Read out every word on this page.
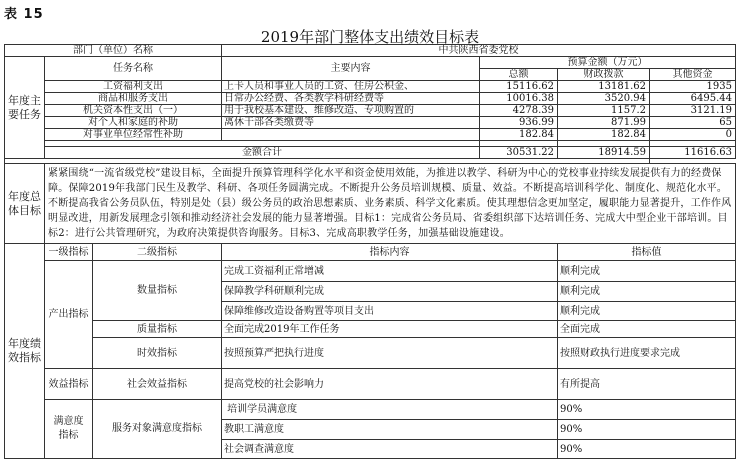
表 15
2019年部门整体支出绩效目标表
部门（单位）名称			中共陕西省委党校			
年度主要任务	任务名称		主要内容	预算金额（万元）		
				总额	财政拨款	其他资金
	工资福利支出		上卡人员和事业人员的工资、住房公积金、	15116.62	13181.62	1935
	商品和服务支出		日常办公经费、各类教学科研经费等	10016.38	3520.94	6495.44
	机关资本性支出（一）		用于我校基本建设、维修改造、专项购置的	4278.39	1157.2	3121.19
	对个人和家庭的补助		离休干部各类缴费等	936.99	871.99	65
	对事业单位经常性补助			182.84	182.84	0

	金额合计			30531.22	18914.59	11616.63

年度总体目标	紧紧围绕“一流省级党校”建设目标，全面提升预算管理科学化水平和资金使用效能，为推进以教学、科研为中心的党校事业持续发展提供有力的经费保障。保障2019年我部门民生及教学、科研、各项任务圆满完成。不断提升公务员培训规模、质量、效益。不断提高培训科学化、制度化、规范化水平。不断提高我省公务员队伍，特别是处（县）级公务员的政治思想素质、业务素质、科学文化素质。使其理想信念更加坚定，履职能力显著提升，工作作风明显改进，用新发展理念引领和推动经济社会发展的能力显著增强。目标1：完成省公务员局、省委组织部下达培训任务、完成大中型企业干部培训。目标2：进行公共管理研究，为政府决策提供咨询服务。目标3、完成高职教学任务，加强基础设施建设。					
年度绩效指标	一级指标	二级指标	指标内容		指标值	
	产出指标	数量指标	完成工资福利正常增减		顺利完成	
			保障教学科研顺利完成		顺利完成	
			保障维修改造设备购置等项目支出		顺利完成	
		质量指标	全面完成2019年工作任务		全面完成	
		时效指标	按照预算严把执行进度		按照财政执行进度要求完成	
	效益指标	社会效益指标	提高党校的社会影响力		有所提高	
	满意度指标	服务对象满意度指标	培训学员满意度		90%	
			教职工满意度		90%	
			社会调查满意度		90%	
